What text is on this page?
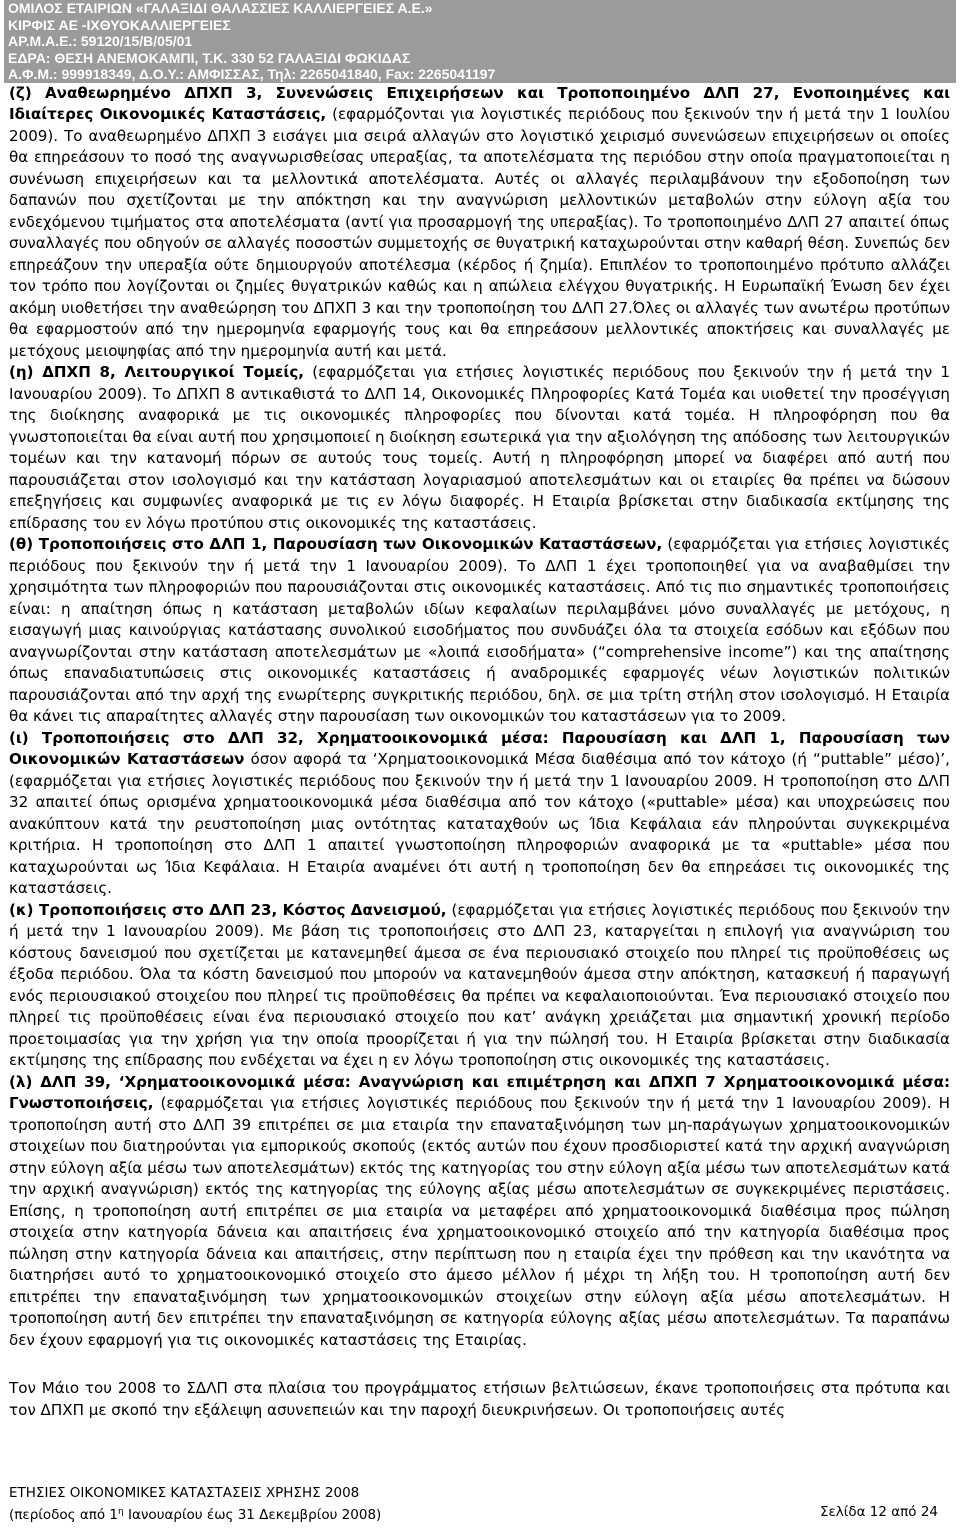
ΟΜΙΛΟΣ ΕΤΑΙΡΙΩΝ «ΓΑΛΑΞΙΔΙ ΘΑΛΑΣΣΙΕΣ ΚΑΛΛΙΕΡΓΕΙΕΣ Α.Ε.»
ΚΙΡΦΙΣ ΑΕ -ΙΧΘΥΟΚΑΛΛΙΕΡΓΕΙΕΣ
ΑΡ.Μ.Α.Ε.: 59120/15/Β/05/01
ΕΔΡΑ: ΘΕΣΗ ΑΝΕΜΟΚΑΜΠΙ, Τ.Κ. 330 52 ΓΑΛΑΞΙΔΙ ΦΩΚΙΔΑΣ
Α.Φ.Μ.: 999918349, Δ.Ο.Υ.: ΑΜΦΙΣΣΑΣ, Τηλ: 2265041840, Fax: 2265041197

(ζ) Αναθεωρημένο ΔΠΧΠ 3, Συνενώσεις Επιχειρήσεων και Τροποποιημένο ΔΛΠ 27, Ενοποιημένες και Ιδιαίτερες Οικονομικές Καταστάσεις, (εφαρμόζονται για λογιστικές περιόδους που ξεκινούν την ή μετά την 1 Ιουλίου 2009). Το αναθεωρημένο ΔΠΧΠ 3 εισάγει μια σειρά αλλαγών στο λογιστικό χειρισμό συνενώσεων επιχειρήσεων οι οποίες θα επηρεάσουν το ποσό της αναγνωρισθείσας υπεραξίας, τα αποτελέσματα της περιόδου στην οποία πραγματοποιείται η συνένωση επιχειρήσεων και τα μελλοντικά αποτελέσματα. Αυτές οι αλλαγές περιλαμβάνουν την εξοδοποίηση των δαπανών που σχετίζονται με την απόκτηση και την αναγνώριση μελλοντικών μεταβολών στην εύλογη αξία του ενδεχόμενου τιμήματος στα αποτελέσματα (αντί για προσαρμογή της υπεραξίας). Το τροποποιημένο ΔΛΠ 27 απαιτεί όπως συναλλαγές που οδηγούν σε αλλαγές ποσοστών συμμετοχής σε θυγατρική καταχωρούνται στην καθαρή θέση. Συνεπώς δεν επηρεάζουν την υπεραξία ούτε δημιουργούν αποτέλεσμα (κέρδος ή ζημία). Επιπλέον το τροποποιημένο πρότυπο αλλάζει τον τρόπο που λογίζονται οι ζημίες θυγατρικών καθώς και η απώλεια ελέγχου θυγατρικής. Η Ευρωπαϊκή Ένωση δεν έχει ακόμη υιοθετήσει την αναθεώρηση του ΔΠΧΠ 3 και την τροποποίηση του ΔΛΠ 27.Όλες οι αλλαγές των ανωτέρω προτύπων θα εφαρμοστούν από την ημερομηνία εφαρμογής τους και θα επηρεάσουν μελλοντικές αποκτήσεις και συναλλαγές με μετόχους μειοψηφίας από την ημερομηνία αυτή και μετά.

(η) ΔΠΧΠ 8, Λειτουργικοί Τομείς, (εφαρμόζεται για ετήσιες λογιστικές περιόδους που ξεκινούν την ή μετά την 1 Ιανουαρίου 2009). Το ΔΠΧΠ 8 αντικαθιστά το ΔΛΠ 14, Οικονομικές Πληροφορίες Κατά Τομέα και υιοθετεί την προσέγγιση της διοίκησης αναφορικά με τις οικονομικές πληροφορίες που δίνονται κατά τομέα. Η πληροφόρηση που θα γνωστοποιείται θα είναι αυτή που χρησιμοποιεί η διοίκηση εσωτερικά για την αξιολόγηση της απόδοσης των λειτουργικών τομέων και την κατανομή πόρων σε αυτούς τους τομείς. Αυτή η πληροφόρηση μπορεί να διαφέρει από αυτή που παρουσιάζεται στον ισολογισμό και την κατάσταση λογαριασμού αποτελεσμάτων και οι εταιρίες θα πρέπει να δώσουν επεξηγήσεις και συμφωνίες αναφορικά με τις εν λόγω διαφορές. Η Εταιρία βρίσκεται στην διαδικασία εκτίμησης της επίδρασης του εν λόγω προτύπου στις οικονομικές της καταστάσεις.

(θ) Τροποποιήσεις στο ΔΛΠ 1, Παρουσίαση των Οικονομικών Καταστάσεων, (εφαρμόζεται για ετήσιες λογιστικές περιόδους που ξεκινούν την ή μετά την 1 Ιανουαρίου 2009). Το ΔΛΠ 1 έχει τροποποιηθεί για να αναβαθμίσει την χρησιμότητα των πληροφοριών που παρουσιάζονται στις οικονομικές καταστάσεις. Από τις πιο σημαντικές τροποποιήσεις είναι: η απαίτηση όπως η κατάσταση μεταβολών ιδίων κεφαλαίων περιλαμβάνει μόνο συναλλαγές με μετόχους, η εισαγωγή μιας καινούργιας κατάστασης συνολικού εισοδήματος που συνδυάζει όλα τα στοιχεία εσόδων και εξόδων που αναγνωρίζονται στην κατάσταση αποτελεσμάτων με «λοιπά εισοδήματα» (“comprehensive income”) και της απαίτησης όπως επαναδιατυπώσεις στις οικονομικές καταστάσεις ή αναδρομικές εφαρμογές νέων λογιστικών πολιτικών παρουσιάζονται από την αρχή της ενωρίτερης συγκριτικής περιόδου, δηλ. σε μια τρίτη στήλη στον ισολογισμό. Η Εταιρία θα κάνει τις απαραίτητες αλλαγές στην παρουσίαση των οικονομικών του καταστάσεων για το 2009.

(ι) Τροποποιήσεις στο ΔΛΠ 32, Χρηματοοικονομικά μέσα: Παρουσίαση και ΔΛΠ 1, Παρουσίαση των Οικονομικών Καταστάσεων όσον αφορά τα ‘Χρηματοοικονομικά Μέσα διαθέσιμα από τον κάτοχο (ή “puttable” μέσο)’, (εφαρμόζεται για ετήσιες λογιστικές περιόδους που ξεκινούν την ή μετά την 1 Ιανουαρίου 2009. Η τροποποίηση στο ΔΛΠ 32 απαιτεί όπως ορισμένα χρηματοοικονομικά μέσα διαθέσιμα από τον κάτοχο («puttable» μέσα) και υποχρεώσεις που ανακύπτουν κατά την ρευστοποίηση μιας οντότητας καταταχθούν ως Ίδια Κεφάλαια εάν πληρούνται συγκεκριμένα κριτήρια. Η τροποποίηση στο ΔΛΠ 1 απαιτεί γνωστοποίηση πληροφοριών αναφορικά με τα «puttable» μέσα που καταχωρούνται ως Ίδια Κεφάλαια. Η Εταιρία αναμένει ότι αυτή η τροποποίηση δεν θα επηρεάσει τις οικονομικές της καταστάσεις.

(κ) Τροποποιήσεις στο ΔΛΠ 23, Κόστος Δανεισμού, (εφαρμόζεται για ετήσιες λογιστικές περιόδους που ξεκινούν την ή μετά την 1 Ιανουαρίου 2009). Με βάση τις τροποποιήσεις στο ΔΛΠ 23, καταργείται η επιλογή για αναγνώριση του κόστους δανεισμού που σχετίζεται με κατανεμηθεί άμεσα σε ένα περιουσιακό στοιχείο που πληρεί τις προϋποθέσεις ως έξοδα περιόδου. Όλα τα κόστη δανεισμού που μπορούν να κατανεμηθούν άμεσα στην απόκτηση, κατασκευή ή παραγωγή ενός περιουσιακού στοιχείου που πληρεί τις προϋποθέσεις θα πρέπει να κεφαλαιοποιούνται. Ένα περιουσιακό στοιχείο που πληρεί τις προϋποθέσεις είναι ένα περιουσιακό στοιχείο που κατ’ ανάγκη χρειάζεται μια σημαντική χρονική περίοδο προετοιμασίας για την χρήση για την οποία προορίζεται ή για την πώλησή του. Η Εταιρία βρίσκεται στην διαδικασία εκτίμησης της επίδρασης που ενδέχεται να έχει η εν λόγω τροποποίηση στις οικονομικές της καταστάσεις.

(λ) ΔΛΠ 39, ‘Χρηματοοικονομικά μέσα: Αναγνώριση και επιμέτρηση και ΔΠΧΠ 7 Χρηματοοικονομικά μέσα: Γνωστοποιήσεις, (εφαρμόζεται για ετήσιες λογιστικές περιόδους που ξεκινούν την ή μετά την 1 Ιανουαρίου 2009). Η τροποποίηση αυτή στο ΔΛΠ 39 επιτρέπει σε μια εταιρία την επαναταξινόμηση των μη-παράγωγων χρηματοοικονομικών στοιχείων που διατηρούνται για εμπορικούς σκοπούς (εκτός αυτών που έχουν προσδιοριστεί κατά την αρχική αναγνώριση στην εύλογη αξία μέσω των αποτελεσμάτων) εκτός της κατηγορίας του στην εύλογη αξία μέσω των αποτελεσμάτων κατά την αρχική αναγνώριση) εκτός της κατηγορίας της εύλογης αξίας μέσω αποτελεσμάτων σε συγκεκριμένες περιστάσεις. Επίσης, η τροποποίηση αυτή επιτρέπει σε μια εταιρία να μεταφέρει από χρηματοοικονομικά διαθέσιμα προς πώληση στοιχεία στην κατηγορία δάνεια και απαιτήσεις ένα χρηματοοικονομικό στοιχείο από την κατηγορία διαθέσιμα προς πώληση στην κατηγορία δάνεια και απαιτήσεις, στην περίπτωση που η εταιρία έχει την πρόθεση και την ικανότητα να διατηρήσει αυτό το χρηματοοικονομικό στοιχείο στο άμεσο μέλλον ή μέχρι τη λήξη του. Η τροποποίηση αυτή δεν επιτρέπει την επαναταξινόμηση των χρηματοοικονομικών στοιχείων στην εύλογη αξία μέσω αποτελεσμάτων. Η τροποποίηση αυτή δεν επιτρέπει την επαναταξινόμηση σε κατηγορία εύλογης αξίας μέσω αποτελεσμάτων. Τα παραπάνω δεν έχουν εφαρμογή για τις οικονομικές καταστάσεις της Εταιρίας.

Τον Μάιο του 2008 το ΣΔΛΠ στα πλαίσια του προγράμματος ετήσιων βελτιώσεων, έκανε τροποποιήσεις στα πρότυπα και τον ΔΠΧΠ με σκοπό την εξάλειψη ασυνεπειών και την παροχή διευκρινήσεων. Οι τροποποιήσεις αυτές
ΕΤΗΣΙΕΣ ΟΙΚΟΝΟΜΙΚΕΣ ΚΑΤΑΣΤΑΣΕΙΣ ΧΡΗΣΗΣ 2008
(περίοδος από $1^\eta$ Ιανουαρίου έως 31 Δεκεμβρίου 2008)	Σελίδα 12 από 24
